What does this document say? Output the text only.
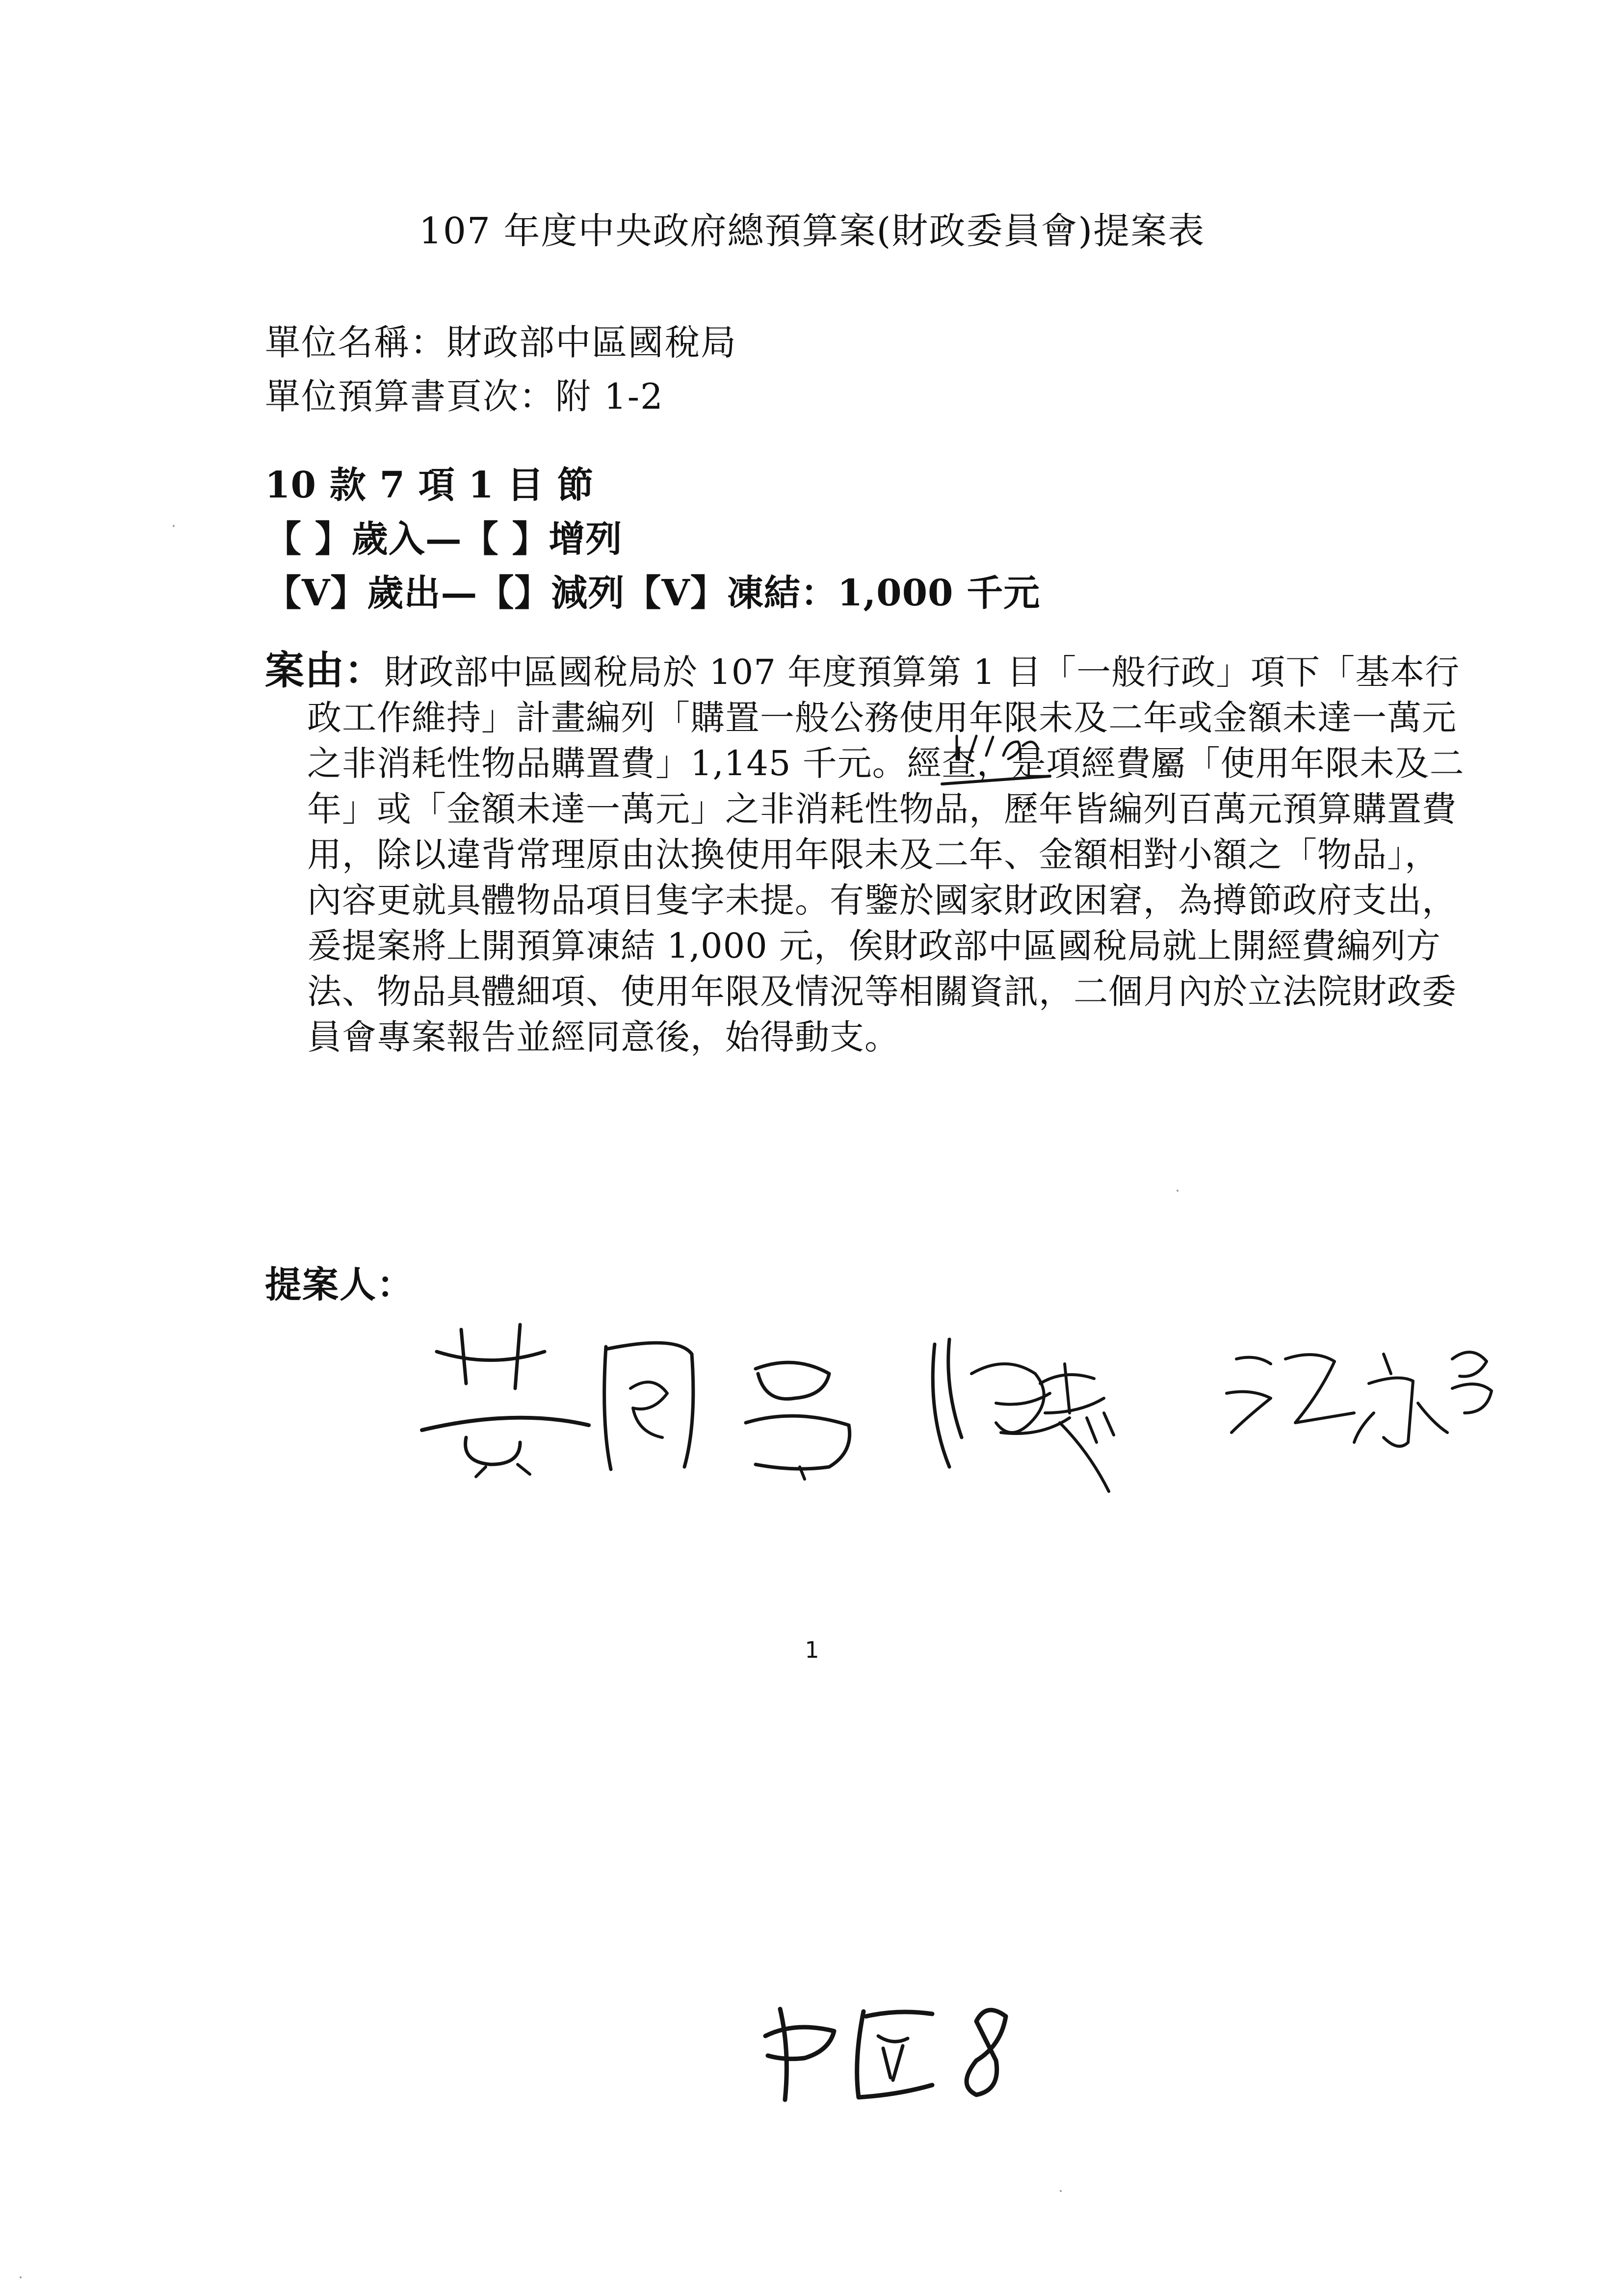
107 年度中央政府總預算案(財政委員會)提案表
單位名稱：財政部中區國稅局
單位預算書頁次：附 1-2
10 款 7 項 1 目 節
【 】歲入—【 】增列
【V】歲出—【】減列【V】凍結：1,000 千元
案由：財政部中區國稅局於 107 年度預算第 1 目「一般行政」項下「基本行政工作維持」計畫編列「購置一般公務使用年限未及二年或金額未達一萬元之非消耗性物品購置費」1,145 千元。經查，是項經費屬「使用年限未及二年」或「金額未達一萬元」之非消耗性物品，歷年皆編列百萬元預算購置費用，除以違背常理原由汰換使用年限未及二年、金額相對小額之「物品」，內容更就具體物品項目隻字未提。有鑒於國家財政困窘，為撙節政府支出，爰提案將上開預算凍結 1,000 元，俟財政部中區國稅局就上開經費編列方法、物品具體細項、使用年限及情況等相關資訊，二個月內於立法院財政委員會專案報告並經同意後，始得動支。
提案人：
1
